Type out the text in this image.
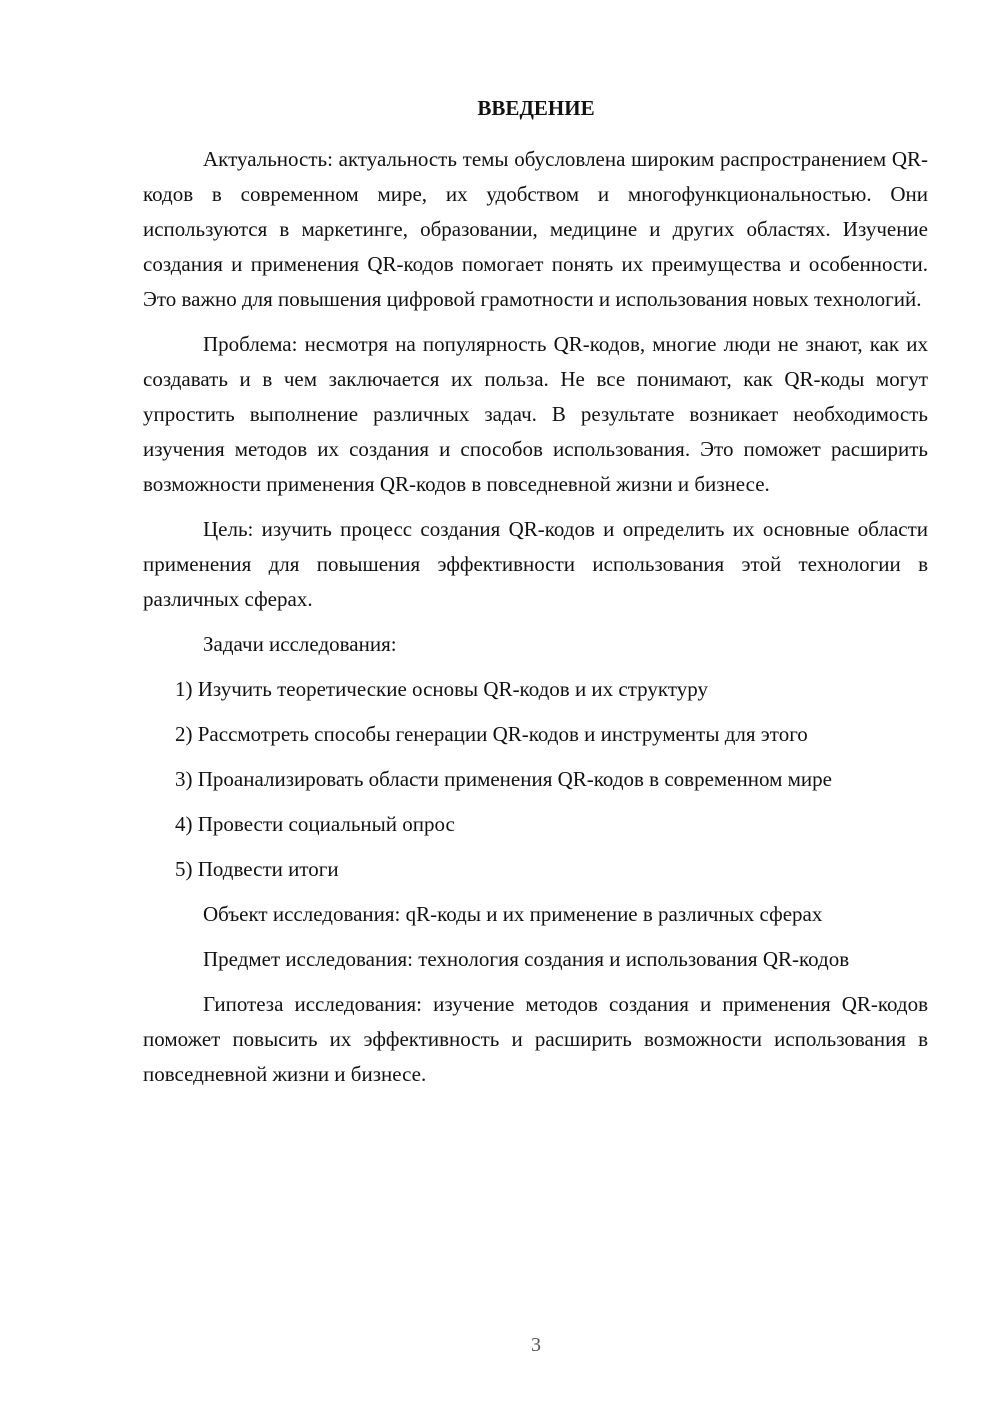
ВВЕДЕНИЕ

Актуальность: актуальность темы обусловлена широким распространением QR-кодов в современном мире, их удобством и многофункциональностью. Они используются в маркетинге, образовании, медицине и других областях. Изучение создания и применения QR-кодов помогает понять их преимущества и особенности. Это важно для повышения цифровой грамотности и использования новых технологий.

Проблема: несмотря на популярность QR-кодов, многие люди не знают, как их создавать и в чем заключается их польза. Не все понимают, как QR-коды могут упростить выполнение различных задач. В результате возникает необходимость изучения методов их создания и способов использования. Это поможет расширить возможности применения QR-кодов в повседневной жизни и бизнесе.

Цель: изучить процесс создания QR-кодов и определить их основные области применения для повышения эффективности использования этой технологии в различных сферах.

Задачи исследования:

1) Изучить теоретические основы QR-кодов и их структуру

2) Рассмотреть способы генерации QR-кодов и инструменты для этого

3) Проанализировать области применения QR-кодов в современном мире

4) Провести социальный опрос

5) Подвести итоги

Объект исследования: qR-коды и их применение в различных сферах

Предмет исследования: технология создания и использования QR-кодов

Гипотеза исследования: изучение методов создания и применения QR-кодов поможет повысить их эффективность и расширить возможности использования в повседневной жизни и бизнесе.

3
